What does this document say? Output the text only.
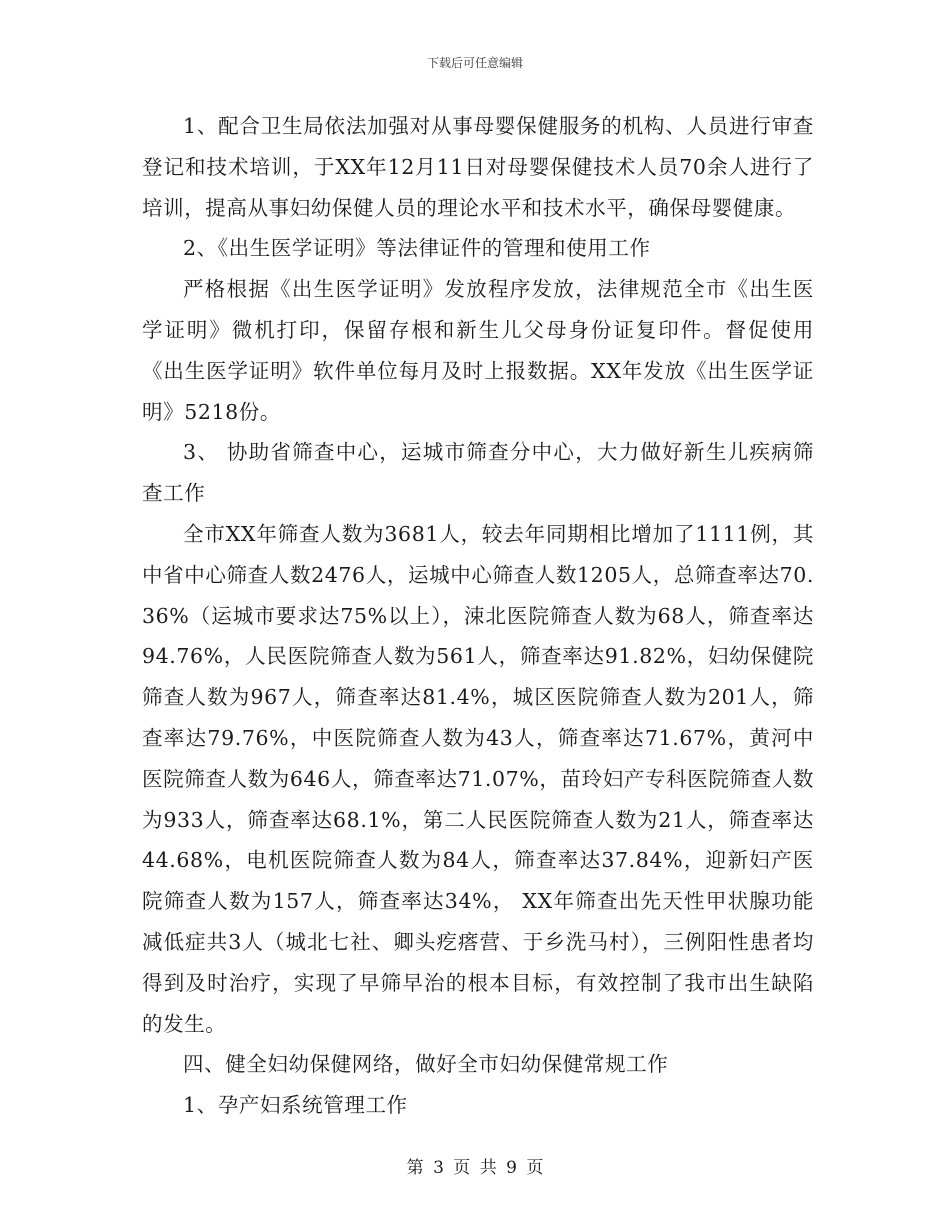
下载后可任意编辑

1、配合卫生局依法加强对从事母婴保健服务的机构、人员进行审查登记和技术培训，于XX年12月11日对母婴保健技术人员70余人进行了培训，提高从事妇幼保健人员的理论水平和技术水平，确保母婴健康。

2、《出生医学证明》等法律证件的管理和使用工作

严格根据《出生医学证明》发放程序发放，法律规范全市《出生医学证明》微机打印，保留存根和新生儿父母身份证复印件。督促使用《出生医学证明》软件单位每月及时上报数据。XX年发放《出生医学证明》5218份。

3、 协助省筛查中心，运城市筛查分中心，大力做好新生儿疾病筛查工作

全市XX年筛查人数为3681人，较去年同期相比增加了1111例，其中省中心筛查人数2476人，运城中心筛查人数1205人，总筛查率达70.36%（运城市要求达75%以上），涑北医院筛查人数为68人，筛查率达94.76%，人民医院筛查人数为561人，筛查率达91.82%，妇幼保健院筛查人数为967人，筛查率达81.4%，城区医院筛查人数为201人，筛查率达79.76%，中医院筛查人数为43人，筛查率达71.67%，黄河中医院筛查人数为646人，筛查率达71.07%，苗玲妇产专科医院筛查人数为933人，筛查率达68.1%，第二人民医院筛查人数为21人，筛查率达44.68%，电机医院筛查人数为84人，筛查率达37.84%，迎新妇产医院筛查人数为157人，筛查率达34%， XX年筛查出先天性甲状腺功能减低症共3人（城北七社、卿头疙瘩营、于乡洗马村），三例阳性患者均得到及时治疗，实现了早筛早治的根本目标，有效控制了我市出生缺陷的发生。

四、健全妇幼保健网络，做好全市妇幼保健常规工作

1、孕产妇系统管理工作

第 3 页 共 9 页
